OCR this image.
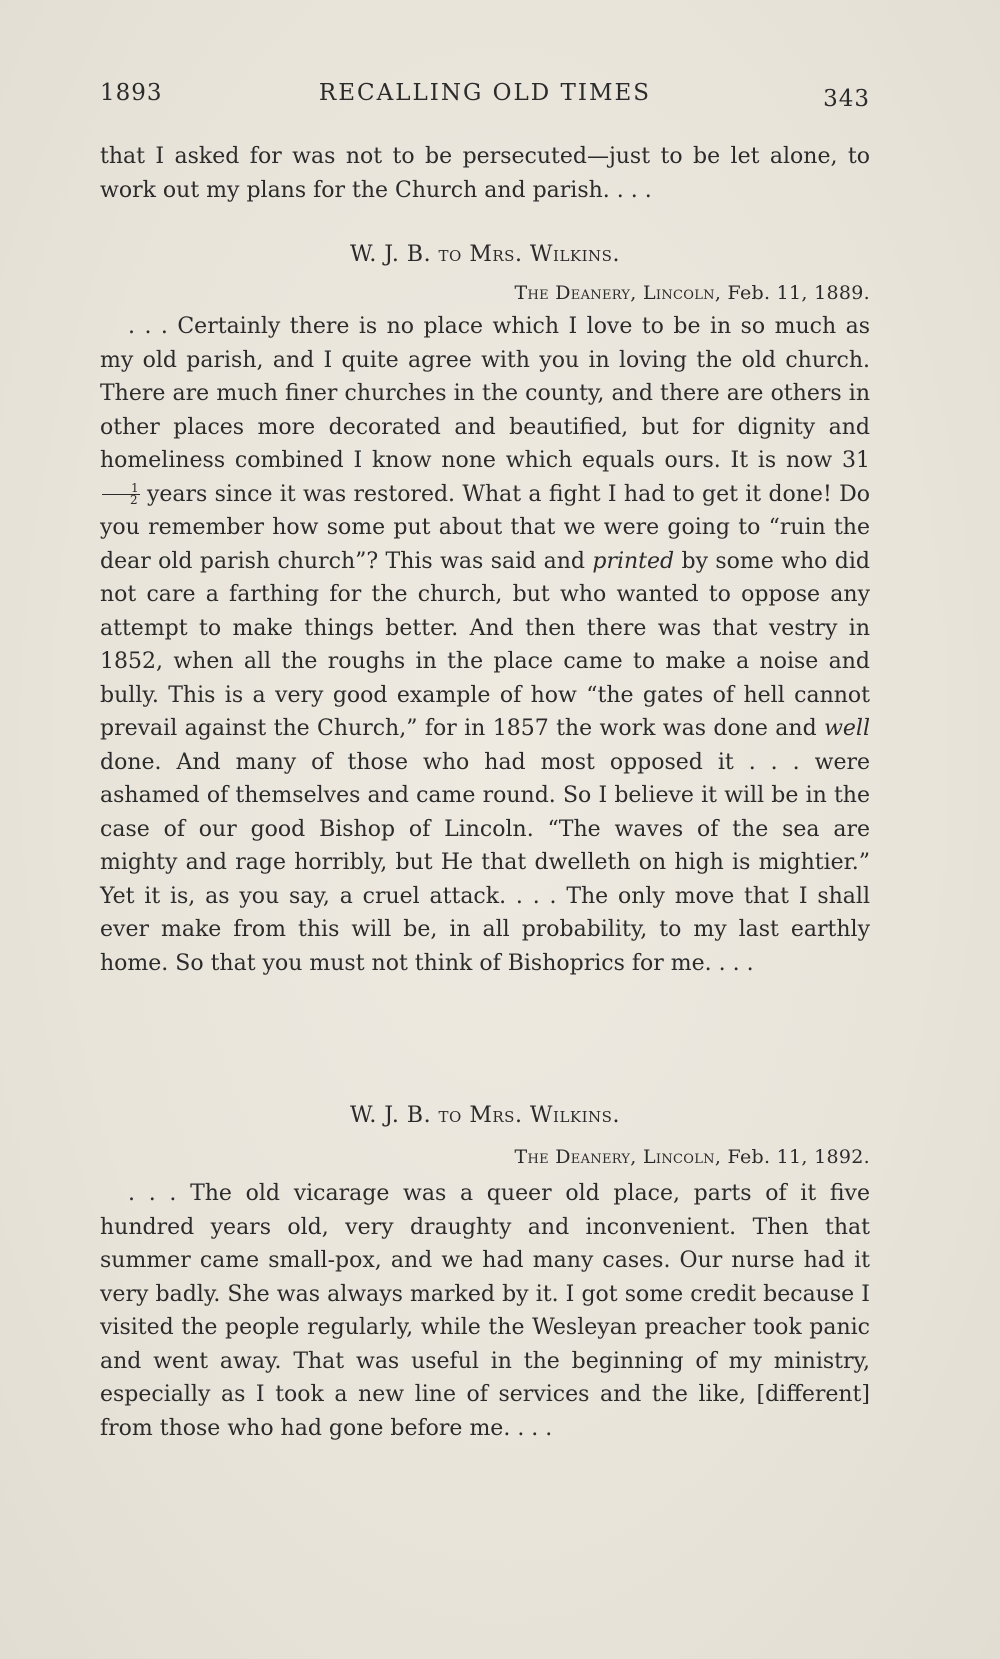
1893	RECALLING OLD TIMES	343

that I asked for was not to be persecuted—just to be let alone, to work out my plans for the Church and parish. . . .

W. J. B. to Mrs. Wilkins.
The Deanery, Lincoln, Feb. 11, 1889.

. . . Certainly there is no place which I love to be in so much as my old parish, and I quite agree with you in loving the old church. There are much finer churches in the county, and there are others in other places more decorated and beautified, but for dignity and homeliness combined I know none which equals ours. It is now 31
$\frac{1}{2}$ years since it was restored. What a fight I had to get it done! Do you remember how some put about that we were going to “ruin the dear old parish church”? This was said and printed by some who did not care a farthing for the church, but who wanted to oppose any attempt to make things better. And then there was that vestry in 1852, when all the roughs in the place came to make a noise and bully. This is a very good example of how “the gates of hell cannot prevail against the Church,” for in 1857 the work was done and well done. And many of those who had most opposed it . . . were ashamed of themselves and came round. So I believe it will be in the case of our good Bishop of Lincoln. “The waves of the sea are mighty and rage horribly, but He that dwelleth on high is mightier.” Yet it is, as you say, a cruel attack. . . . The only move that I shall ever make from this will be, in all probability, to my last earthly home. So that you must not think of Bishoprics for me. . . .

W. J. B. to Mrs. Wilkins.
The Deanery, Lincoln, Feb. 11, 1892.

. . . The old vicarage was a queer old place, parts of it five hundred years old, very draughty and inconvenient. Then that summer came small-pox, and we had many cases. Our nurse had it very badly. She was always marked by it. I got some credit because I visited the people regularly, while the Wesleyan preacher took panic and went away. That was useful in the beginning of my ministry, especially as I took a new line of services and the like, [different] from those who had gone before me. . . .
